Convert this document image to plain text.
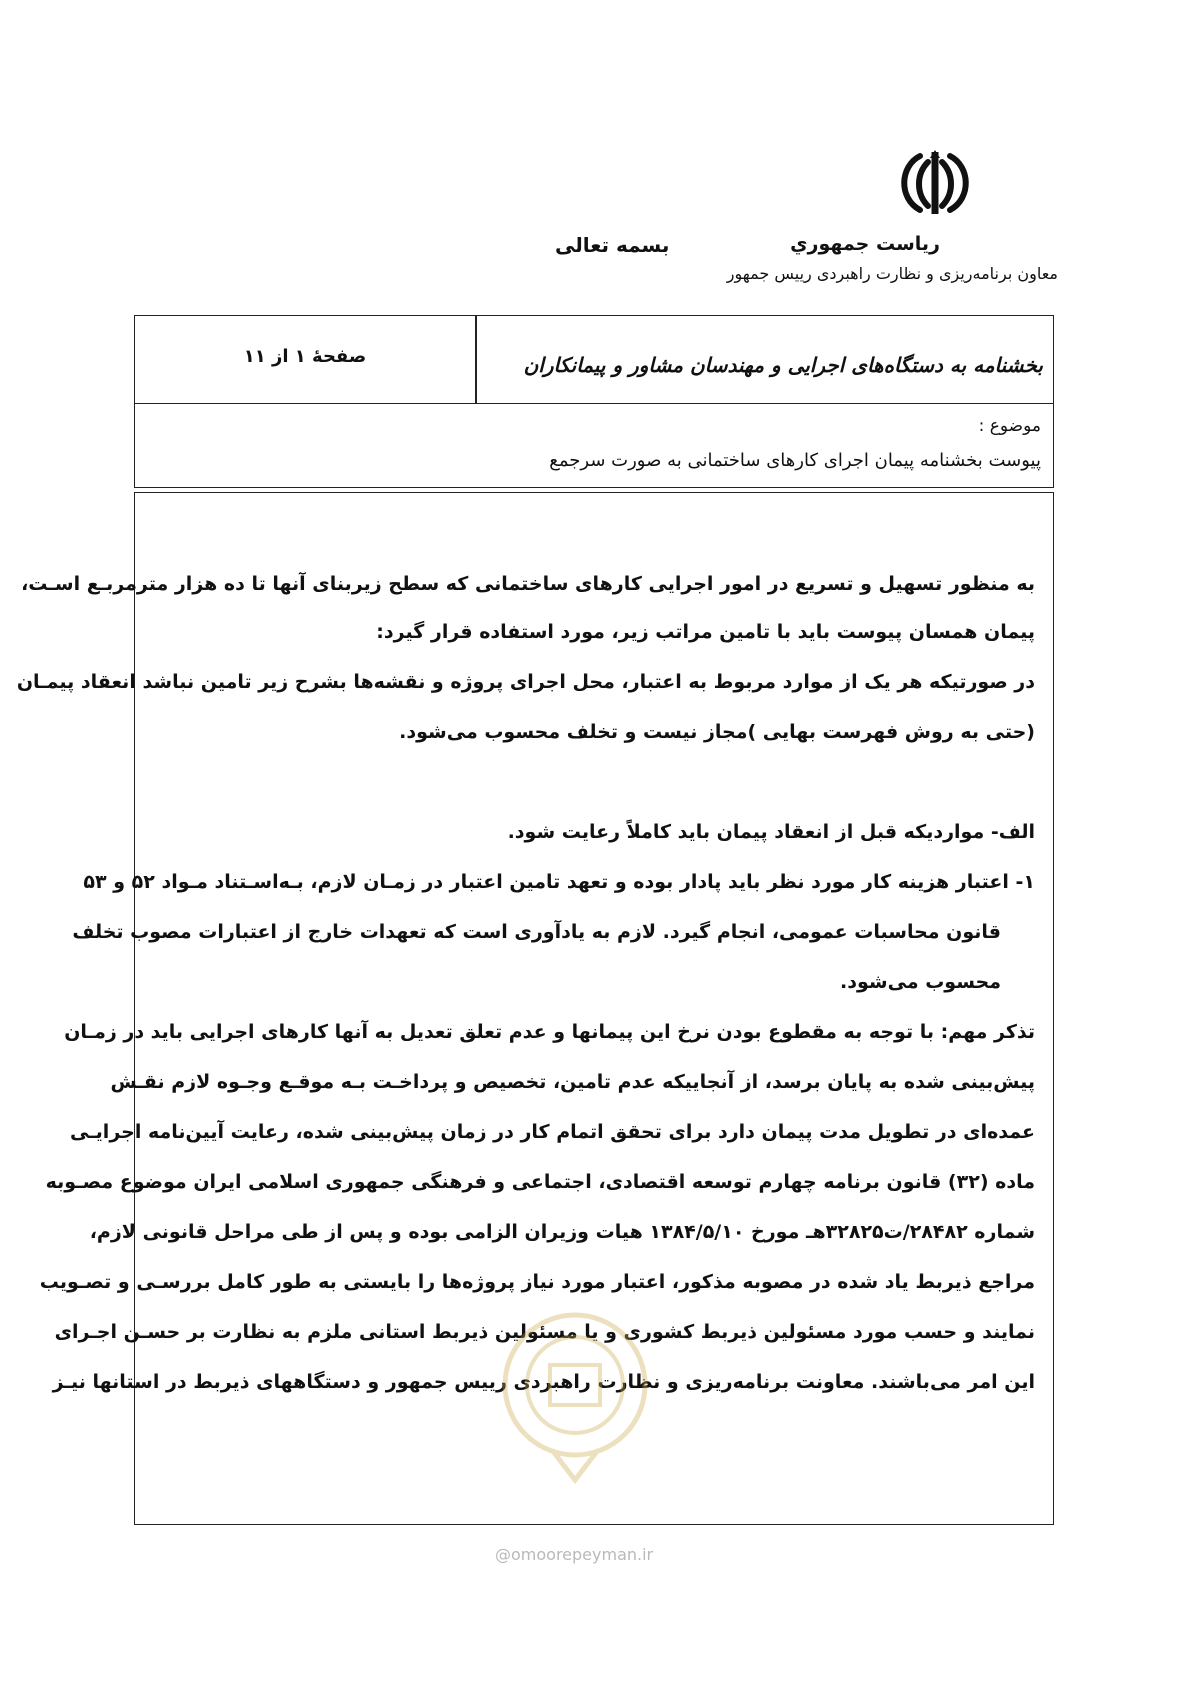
رياست جمهوري
بسمه تعالی
معاون برنامه‌ریزی و نظارت راهبردی رییس جمهور
بخشنامه به دستگاه‌های اجرایی و مهندسان مشاور و پیمانکاران
صفحهٔ ۱ از ۱۱
موضوع :
پیوست بخشنامه پیمان اجرای کارهای ساختمانی به صورت سرجمع
به منظور تسهیل و تسریع در امور اجرایی کارهای ساختمانی که سطح زیربنای آنها تا ده هزار مترمربـع اسـت،
پیمان همسان پیوست باید با تامین مراتب زیر، مورد استفاده قرار گیرد:
در صورتیکه هر یک از موارد مربوط به اعتبار، محل اجرای پروژه و نقشه‌ها بشرح زیر تامین نباشد انعقاد پیمـان
(حتی به روش فهرست بهایی )مجاز نیست و تخلف محسوب می‌شود.
الف- مواردیکه قبل از انعقاد پیمان باید کاملاً رعایت شود.
۱- اعتبار هزینه کار مورد نظر باید پادار بوده و تعهد تامین اعتبار در زمـان لازم، بـه‌اسـتناد مـواد ۵۲ و ۵۳
قانون محاسبات عمومی، انجام گیرد. لازم به یادآوری است که تعهدات خارج از اعتبارات مصوب تخلف
محسوب می‌شود.
تذکر مهم: با توجه به مقطوع بودن نرخ این پیمانها و عدم تعلق تعدیل به آنها کارهای اجرایی باید در زمـان
پیش‌بینی شده به پایان برسد، از آنجاییکه عدم تامین، تخصیص و پرداخـت بـه موقـع وجـوه لازم نقـش
عمده‌ای در تطویل مدت پیمان دارد برای تحقق اتمام کار در زمان پیش‌بینی شده، رعایت آیین‌نامه اجرایـی
ماده (۳۲) قانون برنامه چهارم توسعه اقتصادی، اجتماعی و فرهنگی جمهوری اسلامی ایران موضوع مصـوبه
شماره ۲۸۴۸۲/ت۳۲۸۲۵هـ مورخ ۱۳۸۴/۵/۱۰ هیات وزیران الزامی بوده و پس از طی مراحل قانونی لازم،
مراجع ذیربط یاد شده در مصوبه مذکور، اعتبار مورد نیاز پروژه‌ها را بایستی به طور کامل بررسـی و تصـویب
نمایند و حسب مورد مسئولین ذیربط کشوری و یا مسئولین ذیربط استانی ملزم به نظارت بر حسـن اجـرای
این امر می‌باشند. معاونت برنامه‌ریزی و نظارت راهبردی رییس جمهور و دستگاههای ذیربط در استانها نیـز
@omoorepeyman.ir
